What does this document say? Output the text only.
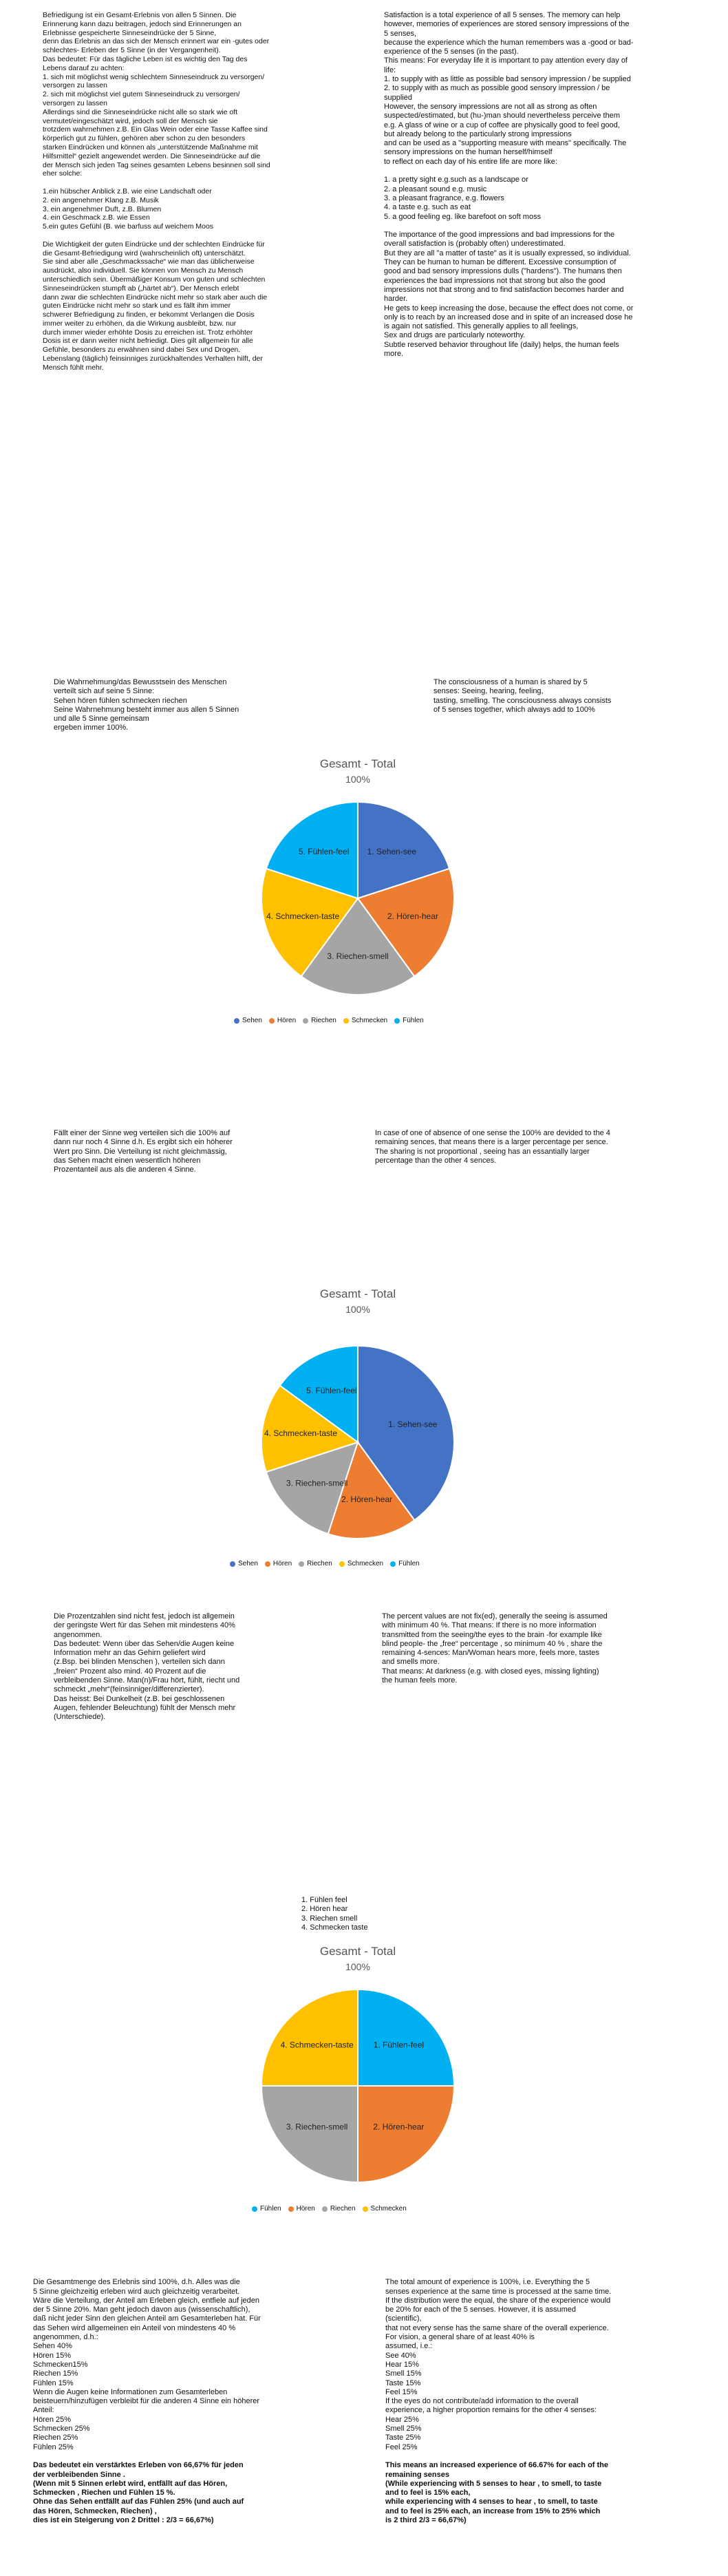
Befriedigung ist ein Gesamt-Erlebnis von allen 5 Sinnen. Die
Erinnerung kann dazu beitragen, jedoch sind Erinnerungen an
Erlebnisse gespeicherte Sinneseindrücke der 5 Sinne,
denn das Erlebnis an das sich der Mensch erinnert war ein -gutes oder
schlechtes- Erleben der 5 Sinne (in der Vergangenheit).
Das bedeutet: Für das tägliche Leben ist es wichtig den Tag des
Lebens darauf zu achten:
1. sich mit möglichst wenig schlechtem Sinneseindruck zu versorgen/
versorgen zu lassen
2. sich mit möglichst viel gutem Sinneseindruck zu versorgen/
versorgen zu lassen
Allerdings sind die Sinneseindrücke nicht alle so stark wie oft
vermutet/eingeschätzt wird, jedoch soll der Mensch sie
trotzdem wahrnehmen z.B. Ein Glas Wein oder eine Tasse Kaffee sind
körperlich gut zu fühlen, gehören aber schon zu den besonders
starken Eindrücken und können als „unterstützende Maßnahme mit
Hilfsmittel“ gezielt angewendet werden. Die Sinneseindrücke auf die
der Mensch sich jeden Tag seines gesamten Lebens besinnen soll sind
eher solche:

1.ein hübscher Anblick z.B. wie eine Landschaft oder
2. ein angenehmer Klang z.B. Musik
3. ein angenehmer Duft, z.B. Blumen
4. ein Geschmack z.B. wie Essen
5.ein gutes Gefühl (B. wie barfuss auf weichem Moos

Die Wichtigkeit der guten Eindrücke und der schlechten Eindrücke für
die Gesamt-Befriedigung wird (wahrscheinlich oft) unterschätzt.
Sie sind aber alle „Geschmackssache“ wie man das üblicherweise
ausdrückt, also individuell. Sie können von Mensch zu Mensch
unterschiedlich sein. Übermäßiger Konsum von guten und schlechten
Sinneseindrücken stumpft ab („härtet ab“). Der Mensch erlebt
dann zwar die schlechten Eindrücke nicht mehr so stark aber auch die
guten Eindrücke nicht mehr so stark und es fällt ihm immer
schwerer Befriedigung zu finden, er bekommt Verlangen die Dosis
immer weiter zu erhöhen, da die Wirkung ausbleibt, bzw. nur
durch immer wieder erhöhte Dosis zu erreichen ist. Trotz erhöhter
Dosis ist er dann weiter nicht befriedigt. Dies gilt allgemein für alle
Gefühle, besonders zu erwähnen sind dabei Sex und Drogen.
Lebenslang (täglich) feinsinniges zurückhaltendes Verhalten hilft, der
Mensch fühlt mehr.
Satisfaction is a total experience of all 5 senses. The memory can help
however, memories of experiences are stored sensory impressions of the
5 senses,
because the experience which the human remembers was a -good or bad-
experience of the 5 senses (in the past).
This means: For everyday life it is important to pay attention every day of
life:
1. to supply with as little as possible bad sensory impression / be supplied
2. to supply with as much as possible good sensory impression / be
supplied
However, the sensory impressions are not all as strong as often
suspected/estimated, but (hu-)man should nevertheless perceive them
e.g. A glass of wine or a cup of coffee are physically good to feel good,
but already belong to the particularly strong impressions
and can be used as a "supporting measure with means" specifically. The
sensory impressions on the human herself/himself
to reflect on each day of his entire life are more like:

1. a pretty sight e.g.such as a landscape or
2. a pleasant sound e.g. music
3. a pleasant fragrance, e.g. flowers
4. a taste e.g. such as eat
5. a good feeling eg. like barefoot on soft moss

The importance of the good impressions and bad impressions for the
overall satisfaction is (probably often) underestimated.
But they are all "a matter of taste" as it is usually expressed, so individual.
They can be human to human be different. Excessive consumption of
good and bad sensory impressions dulls ("hardens"). The humans then
experiences the bad impressions not that strong but also the good
impressions not that strong and to find satisfaction becomes harder and
harder.
He gets to keep increasing the dose, because the effect does not come, or
only is to reach by an increased dose and in spite of an increased dose he
is again not satisfied. This generally applies to all feelings,
Sex and drugs are particularly noteworthy.
Subtle reserved behavior throughout life (daily) helps, the human feels
more.
Die Wahrnehmung/das Bewusstsein des Menschen
verteilt sich auf seine 5 Sinne:
Sehen hören fühlen schmecken riechen
Seine Wahrnehmung besteht immer aus allen 5 Sinnen
und alle 5 Sinne gemeinsam
ergeben immer 100%.
The consciousness of a human is shared by 5
senses: Seeing, hearing, feeling,
tasting, smelling. The consciousness always consists
of 5 senses together, which always add to 100%
Gesamt - Total
100%
1. Sehen-see
2. Hören-hear
3. Riechen-smell
4. Schmecken-taste
5. Fühlen-feel
Sehen Hören Riechen Schmecken Fühlen
Fällt einer der Sinne weg verteilen sich die 100% auf
dann nur noch 4 Sinne d.h. Es ergibt sich ein höherer
Wert pro Sinn. Die Verteilung ist nicht gleichmässig,
das Sehen macht einen wesentlich höheren
Prozentanteil aus als die anderen 4 Sinne.
In case of one of absence of one sense the 100% are devided to the 4
remaining sences, that means there is a larger percentage per sence.
The sharing is not proportional , seeing has an essantially larger
percentage than the other 4 sences.
Gesamt - Total
100%
1. Sehen-see
2. Hören-hear
3. Riechen-smell
4. Schmecken-taste
5. Fühlen-feel
Sehen Hören Riechen Schmecken Fühlen
Die Prozentzahlen sind nicht fest, jedoch ist allgemein
der geringste Wert für das Sehen mit mindestens 40%
angenommen.
Das bedeutet: Wenn über das Sehen/die Augen keine
Information mehr an das Gehirn geliefert wird
(z.Bsp. bei blinden Menschen ), verteilen sich dann
„freien“ Prozent also mind. 40 Prozent auf die
verbleibenden Sinne. Man(n)/Frau hört, fühlt, riecht und
schmeckt „mehr“(feinsinniger/differenzierter).
Das heisst: Bei Dunkelheit (z.B. bei geschlossenen
Augen, fehlender Beleuchtung) fühlt der Mensch mehr
(Unterschiede).
The percent values are not fix(ed), generally the seeing is assumed
with minimum 40 %. That means: If there is no more information
transmitted from the seeing/the eyes to the brain -for example like
blind people- the „free“ percentage , so minimum 40 % , share the
remaining 4-sences: Man/Woman hears more, feels more, tastes
and smells more.
That means: At darkness (e.g. with closed eyes, missing lighting)
the human feels more.
1. Fühlen feel
2. Hören hear
3. Riechen smell
4. Schmecken taste
Gesamt - Total
100%
1. Fühlen-feel
2. Hören-hear
3. Riechen-smell
4. Schmecken-taste
Fühlen Hören Riechen Schmecken

Die Gesamtmenge des Erlebnis sind 100%, d.h. Alles was die
5 Sinne gleichzeitig erleben wird auch gleichzeitig verarbeitet.
Wäre die Verteilung, der Anteil am Erleben gleich, entfiele auf jeden
der 5 Sinne 20%. Man geht jedoch davon aus (wissenschaftlich),
daß nicht jeder Sinn den gleichen Anteil am Gesamterleben hat. Für
das Sehen wird allgemeinen ein Anteil von mindestens 40 %
angenommen, d.h.:
Sehen 40%
Hören 15%
Schmecken15%
Riechen 15%
Fühlen 15%
Wenn die Augen keine Informationen zum Gesamterleben
beisteuern/hinzufügen verbleibt für die anderen 4 Sinne ein höherer
Anteil:
Hören 25%
Schmecken 25%
Riechen 25%
Fühlen 25%

Das bedeutet ein verstärktes Erleben von 66,67% für jeden
der verbleibenden Sinne .
(Wenn mit 5 Sinnen erlebt wird, entfällt auf das Hören,
Schmecken , Riechen und Fühlen 15 %.
Ohne das Sehen entfällt auf das Fühlen 25% (und auch auf
das Hören, Schmecken, Riechen) ,
dies ist ein Steigerung von 2 Drittel : 2/3 = 66,67%)

The total amount of experience is 100%, i.e. Everything the 5
senses experience at the same time is processed at the same time.
If the distribution were the equal, the share of the experience would
be 20% for each of the 5 senses. However, it is assumed
(scientific),
that not every sense has the same share of the overall experience.
For vision, a general share of at least 40% is
assumed, i.e.:
See 40%
Hear 15%
Smell 15%
Taste 15%
Feel 15%
If the eyes do not contribute/add information to the overall
experience, a higher proportion remains for the other 4 senses:
Hear 25%
Smell 25%
Taste 25%
Feel 25%

This means an increased experience of 66.67% for each of the
remaining senses
(While experiencing with 5 senses to hear , to smell, to taste
and to feel is 15% each,
while experiencing with 4 senses to hear , to smell, to taste
and to feel is 25% each, an increase from 15% to 25% which
is 2 third 2/3 = 66,67%)
